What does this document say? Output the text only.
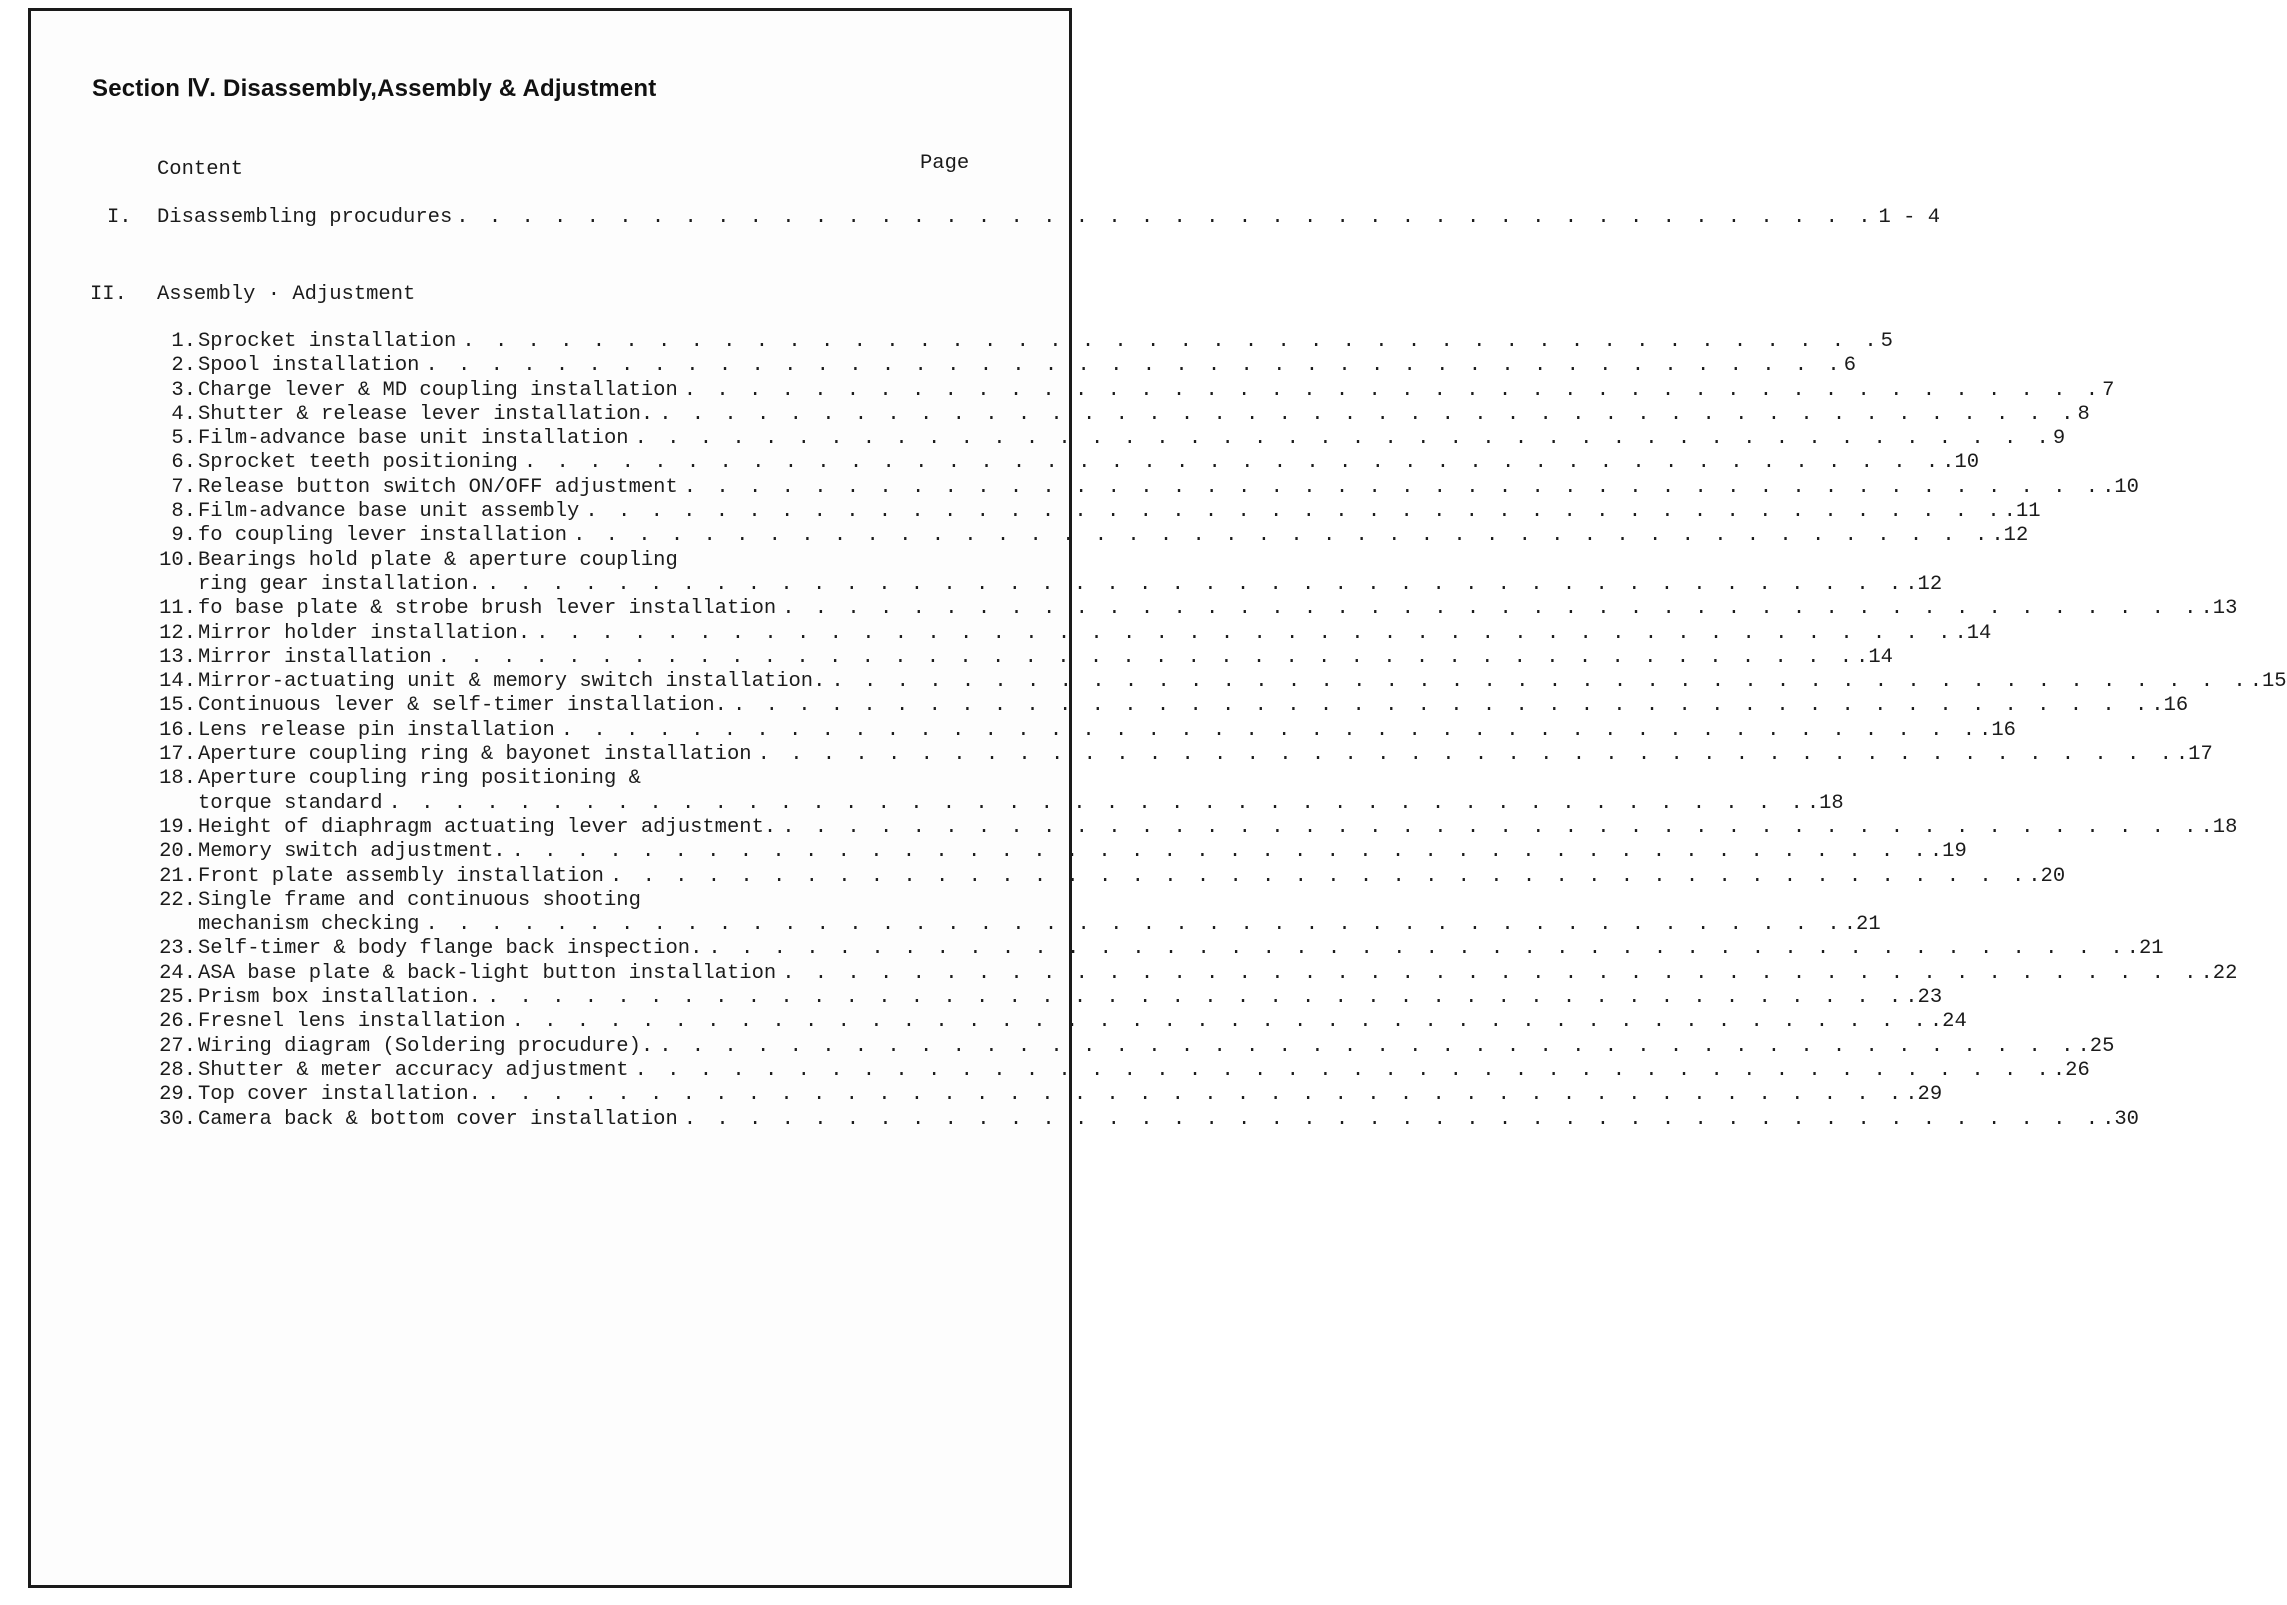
Section Ⅳ. Disassembly,Assembly & Adjustment
Content	Page
I. Disassembling procudures . . . . . . . . . . . . . . . . . . . . . . . . . . . . . . . . . . . . . . . . . . . . 1 - 4
II. Assembly · Adjustment
1. Sprocket installation . . . . . . . . . . . . . . . . . . . . . . . . . . . . . . . . . . . . . . . . . . . . 5
2. Spool installation . . . . . . . . . . . . . . . . . . . . . . . . . . . . . . . . . . . . . . . . . . . . 6
3. Charge lever & MD coupling installation . . . . . . . . . . . . . . . . . . . . . . . . . . . . . . . . . . . . . . . . . . . . 7
4. Shutter & release lever installation. . . . . . . . . . . . . . . . . . . . . . . . . . . . . . . . . . . . . . . . . . . . . 8
5. Film-advance base unit installation . . . . . . . . . . . . . . . . . . . . . . . . . . . . . . . . . . . . . . . . . . . . 9
6. Sprocket teeth positioning . . . . . . . . . . . . . . . . . . . . . . . . . . . . . . . . . . . . . . . . . . . . .10
7. Release button switch ON/OFF adjustment . . . . . . . . . . . . . . . . . . . . . . . . . . . . . . . . . . . . . . . . . . . . .10
8. Film-advance base unit assembly . . . . . . . . . . . . . . . . . . . . . . . . . . . . . . . . . . . . . . . . . . . . .11
9. fo coupling lever installation . . . . . . . . . . . . . . . . . . . . . . . . . . . . . . . . . . . . . . . . . . . . .12
10. Bearings hold plate & aperture coupling
ring gear installation. . . . . . . . . . . . . . . . . . . . . . . . . . . . . . . . . . . . . . . . . . . . . .12
11. fo base plate & strobe brush lever installation . . . . . . . . . . . . . . . . . . . . . . . . . . . . . . . . . . . . . . . . . . . . .13
12. Mirror holder installation. . . . . . . . . . . . . . . . . . . . . . . . . . . . . . . . . . . . . . . . . . . . . .14
13. Mirror installation . . . . . . . . . . . . . . . . . . . . . . . . . . . . . . . . . . . . . . . . . . . . .14
14. Mirror-actuating unit & memory switch installation. . . . . . . . . . . . . . . . . . . . . . . . . . . . . . . . . . . . . . . . . . . . . .15
15. Continuous lever & self-timer installation. . . . . . . . . . . . . . . . . . . . . . . . . . . . . . . . . . . . . . . . . . . . . .16
16. Lens release pin installation . . . . . . . . . . . . . . . . . . . . . . . . . . . . . . . . . . . . . . . . . . . . .16
17. Aperture coupling ring & bayonet installation . . . . . . . . . . . . . . . . . . . . . . . . . . . . . . . . . . . . . . . . . . . . .17
18. Aperture coupling ring positioning &
torque standard . . . . . . . . . . . . . . . . . . . . . . . . . . . . . . . . . . . . . . . . . . . . .18
19. Height of diaphragm actuating lever adjustment. . . . . . . . . . . . . . . . . . . . . . . . . . . . . . . . . . . . . . . . . . . . . .18
20. Memory switch adjustment. . . . . . . . . . . . . . . . . . . . . . . . . . . . . . . . . . . . . . . . . . . . . .19
21. Front plate assembly installation . . . . . . . . . . . . . . . . . . . . . . . . . . . . . . . . . . . . . . . . . . . . .20
22. Single frame and continuous shooting
mechanism checking . . . . . . . . . . . . . . . . . . . . . . . . . . . . . . . . . . . . . . . . . . . . .21
23. Self-timer & body flange back inspection. . . . . . . . . . . . . . . . . . . . . . . . . . . . . . . . . . . . . . . . . . . . . .21
24. ASA base plate & back-light button installation . . . . . . . . . . . . . . . . . . . . . . . . . . . . . . . . . . . . . . . . . . . . .22
25. Prism box installation. . . . . . . . . . . . . . . . . . . . . . . . . . . . . . . . . . . . . . . . . . . . . .23
26. Fresnel lens installation . . . . . . . . . . . . . . . . . . . . . . . . . . . . . . . . . . . . . . . . . . . . .24
27. Wiring diagram (Soldering procudure). . . . . . . . . . . . . . . . . . . . . . . . . . . . . . . . . . . . . . . . . . . . . .25
28. Shutter & meter accuracy adjustment . . . . . . . . . . . . . . . . . . . . . . . . . . . . . . . . . . . . . . . . . . . . .26
29. Top cover installation. . . . . . . . . . . . . . . . . . . . . . . . . . . . . . . . . . . . . . . . . . . . . .29
30. Camera back & bottom cover installation . . . . . . . . . . . . . . . . . . . . . . . . . . . . . . . . . . . . . . . . . . . . .30
